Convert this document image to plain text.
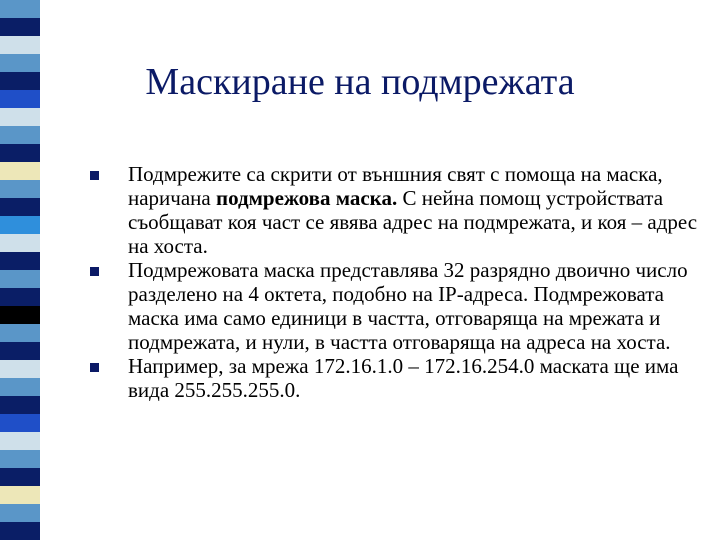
Маскиране на подмрежата
Подмрежите са скрити от външния свят с помоща на маска, наричана подмрежова маска. С нейна помощ устройствата съобщават коя част се явява адрес на подмрежата, и коя – адрес на хоста.
Подмрежовата маска представлява 32 разрядно двоично число разделено на 4 октета, подобно на IP-адреса. Подмрежовата маска има само единици в частта, отговаряща на мрежата и подмрежата, и нули, в частта отговаряща на адреса на хоста.
Например, за мрежа 172.16.1.0 – 172.16.254.0 маската ще има вида 255.255.255.0.
